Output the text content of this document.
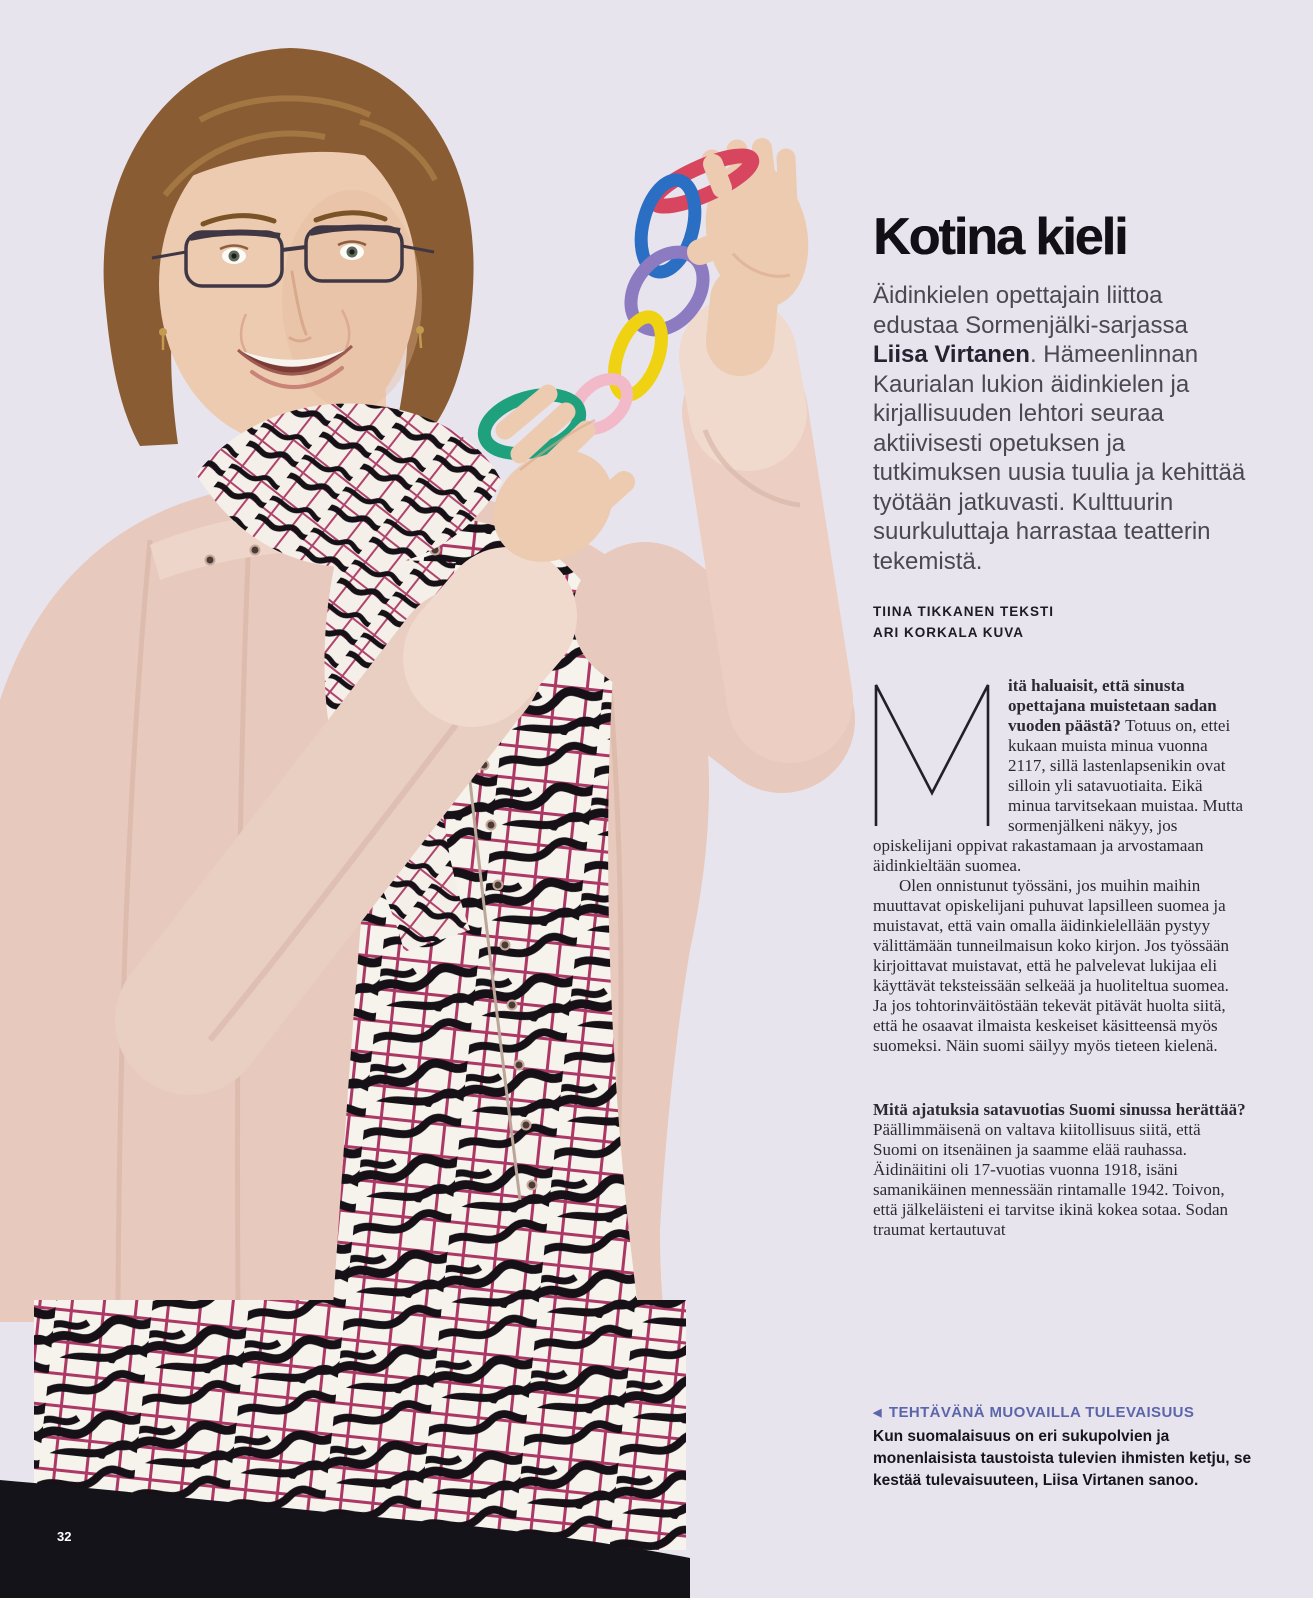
Kotina kieli

Äidinkielen opettajain liittoa edustaa Sormenjälki-sarjassa Liisa Virtanen. Hämeenlinnan Kaurialan lukion äidinkielen ja kirjallisuuden lehtori seuraa aktiivisesti opetuksen ja tutkimuksen uusia tuulia ja kehittää työtään jatkuvasti. Kulttuurin suurkuluttaja harrastaa teatterin tekemistä.

TIINA TIKKANEN TEKSTI
ARI KORKALA KUVA

itä haluaisit, että sinusta opettajana muistetaan sadan vuoden päästä? Totuus on, ettei kukaan muista minua vuonna 2117, sillä lastenlapsenikin ovat silloin yli satavuotiaita. Eikä minua tarvitsekaan muistaa. Mutta sormenjälkeni näkyy, jos opiskelijani oppivat rakastamaan ja arvostamaan äidinkieltään suomea.

Olen onnistunut työssäni, jos muihin maihin muuttavat opiskelijani puhuvat lapsilleen suomea ja muistavat, että vain omalla äidinkielellään pystyy välittämään tunneilmaisun koko kirjon. Jos työssään kirjoittavat muistavat, että he palvelevat lukijaa eli käyttävät teksteissään selkeää ja huoliteltua suomea. Ja jos tohtorinväitöstään tekevät pitävät huolta siitä, että he osaavat ilmaista keskeiset käsitteensä myös suomeksi. Näin suomi säilyy myös tieteen kielenä.

Mitä ajatuksia satavuotias Suomi sinussa herättää?

Päällimmäisenä on valtava kiitollisuus siitä, että Suomi on itsenäinen ja saamme elää rauhassa. Äidinäitini oli 17-vuotias vuonna 1918, isäni samanikäinen mennessään rintamalle 1942. Toivon, että jälkeläisteni ei tarvitse ikinä kokea sotaa. Sodan traumat kertautuvat

◀ TEHTÄVÄNÄ MUOVAILLA TULEVAISUUS
Kun suomalaisuus on eri sukupolvien ja monenlaisista taustoista tulevien ihmisten ketju, se kestää tulevaisuuteen, Liisa Virtanen sanoo.
32
